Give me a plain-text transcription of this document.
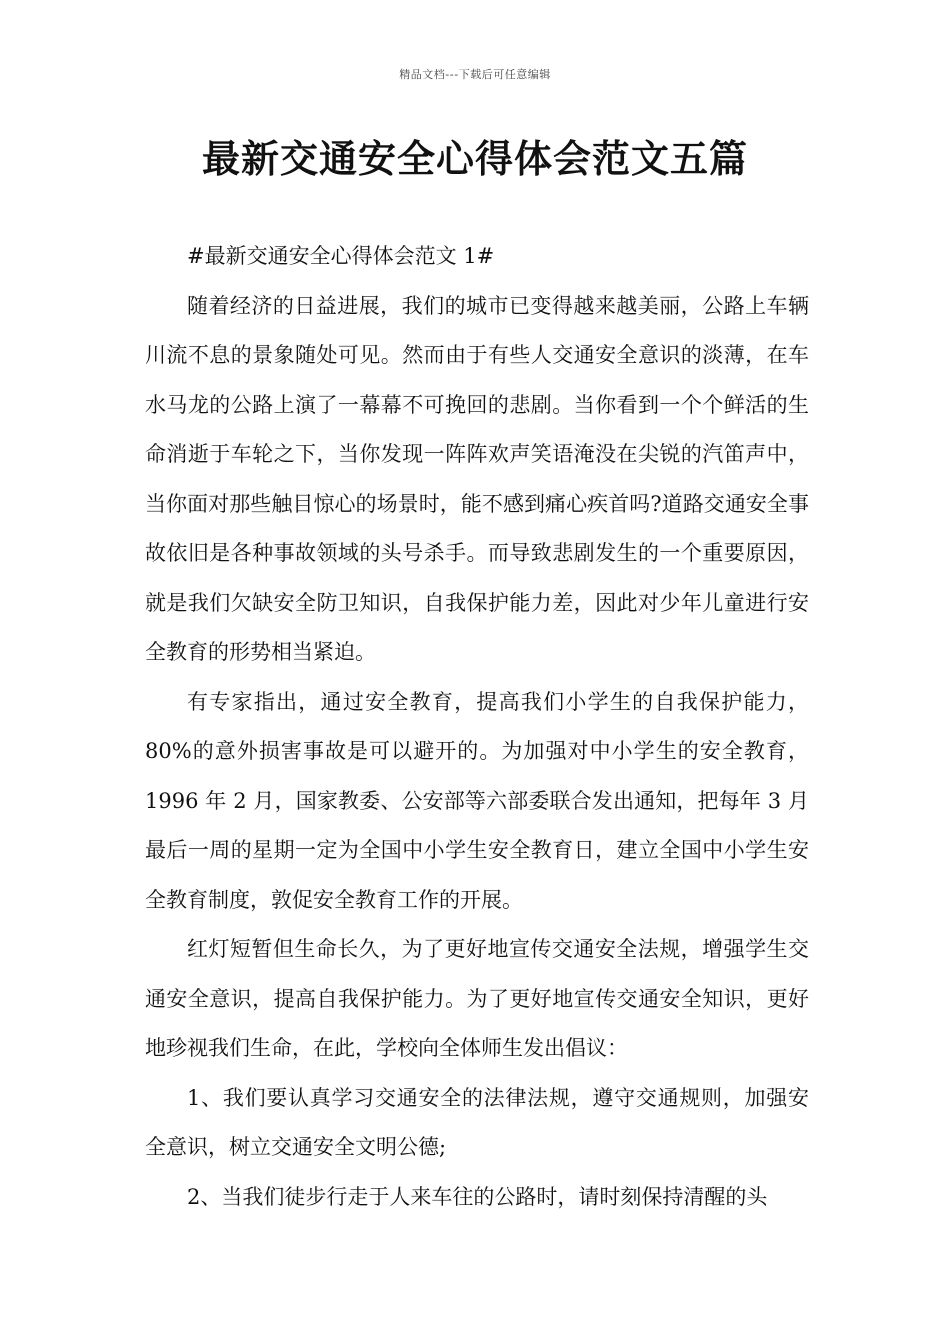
精品文档---下载后可任意编辑
最新交通安全心得体会范文五篇

#最新交通安全心得体会范文 1#

随着经济的日益进展，我们的城市已变得越来越美丽，公路上车辆川流不息的景象随处可见。然而由于有些人交通安全意识的淡薄，在车水马龙的公路上演了一幕幕不可挽回的悲剧。当你看到一个个鲜活的生命消逝于车轮之下，当你发现一阵阵欢声笑语淹没在尖锐的汽笛声中，当你面对那些触目惊心的场景时，能不感到痛心疾首吗?道路交通安全事故依旧是各种事故领域的头号杀手。而导致悲剧发生的一个重要原因，就是我们欠缺安全防卫知识，自我保护能力差，因此对少年儿童进行安全教育的形势相当紧迫。

有专家指出，通过安全教育，提高我们小学生的自我保护能力，80%的意外损害事故是可以避开的。为加强对中小学生的安全教育，1996 年 2 月，国家教委、公安部等六部委联合发出通知，把每年 3 月最后一周的星期一定为全国中小学生安全教育日，建立全国中小学生安全教育制度，敦促安全教育工作的开展。

红灯短暂但生命长久，为了更好地宣传交通安全法规，增强学生交通安全意识，提高自我保护能力。为了更好地宣传交通安全知识，更好地珍视我们生命，在此，学校向全体师生发出倡议：

1、我们要认真学习交通安全的法律法规，遵守交通规则，加强安全意识，树立交通安全文明公德;

2、当我们徒步行走于人来车往的公路时，请时刻保持清醒的头
